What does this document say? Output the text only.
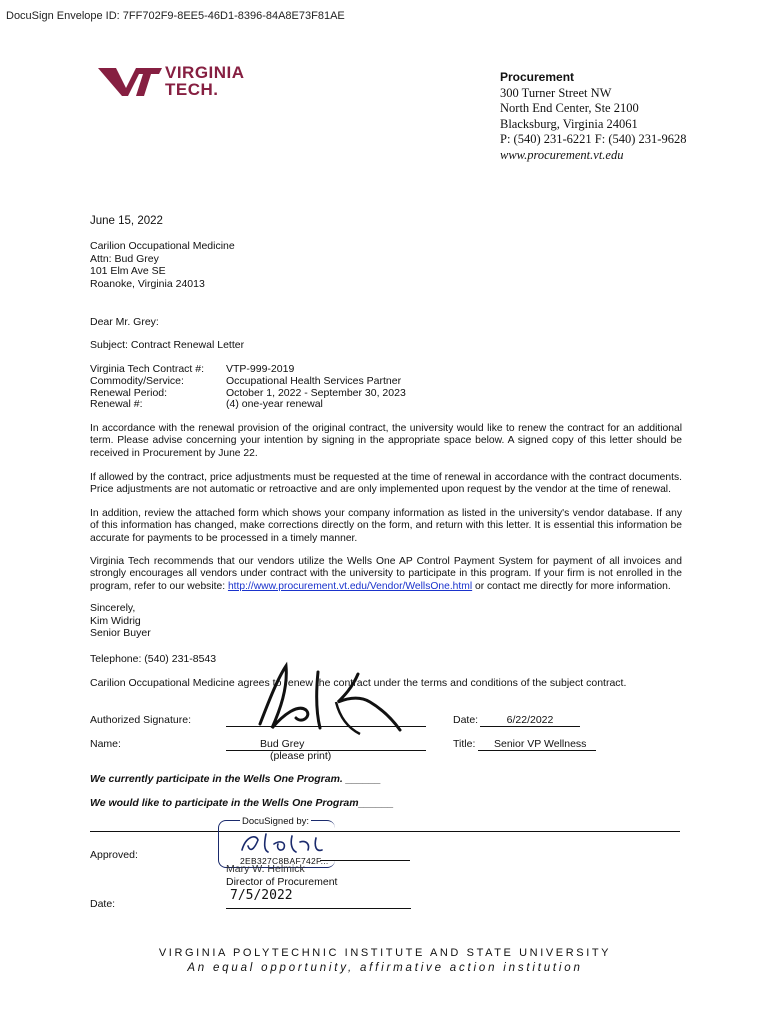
DocuSign Envelope ID: 7FF702F9-8EE5-46D1-8396-84A8E73F81AE
VIRGINIA
TECH.
Procurement
300 Turner Street NW
North End Center, Ste 2100
Blacksburg, Virginia 24061
P: (540) 231-6221 F: (540) 231-9628
www.procurement.vt.edu
June 15, 2022
Carilion Occupational Medicine
Attn: Bud Grey
101 Elm Ave SE
Roanoke, Virginia 24013
Dear Mr. Grey:
Subject: Contract Renewal Letter
Virginia Tech Contract #:	VTP-999-2019
Commodity/Service:	Occupational Health Services Partner
Renewal Period:	October 1, 2022 - September 30, 2023
Renewal #:	(4) one-year renewal
In accordance with the renewal provision of the original contract, the university would like to renew the contract for an additional term. Please advise concerning your intention by signing in the appropriate space below. A signed copy of this letter should be received in Procurement by June 22.
If allowed by the contract, price adjustments must be requested at the time of renewal in accordance with the contract documents. Price adjustments are not automatic or retroactive and are only implemented upon request by the vendor at the time of renewal.
In addition, review the attached form which shows your company information as listed in the university's vendor database. If any of this information has changed, make corrections directly on the form, and return with this letter. It is essential this information be accurate for payments to be processed in a timely manner.
Virginia Tech recommends that our vendors utilize the Wells One AP Control Payment System for payment of all invoices and strongly encourages all vendors under contract with the university to participate in this program. If your firm is not enrolled in the program, refer to our website: http://www.procurement.vt.edu/Vendor/WellsOne.html or contact me directly for more information.
Sincerely,
Kim Widrig
Senior Buyer
Telephone: (540) 231-8543
Carilion Occupational Medicine agrees to renew the contract under the terms and conditions of the subject contract.
Authorized Signature:	Date:	6/22/2022
Name:	Bud Grey
(please print)
Title:	Senior VP Wellness
We currently participate in the Wells One Program. ______
We would like to participate in the Wells One Program______
DocuSigned by:
2EB327C8BAF742F...
Approved:
Mary W. Helmick
Director of Procurement
Date:
7/5/2022
VIRGINIA POLYTECHNIC INSTITUTE AND STATE UNIVERSITY
An equal opportunity, affirmative action institution
